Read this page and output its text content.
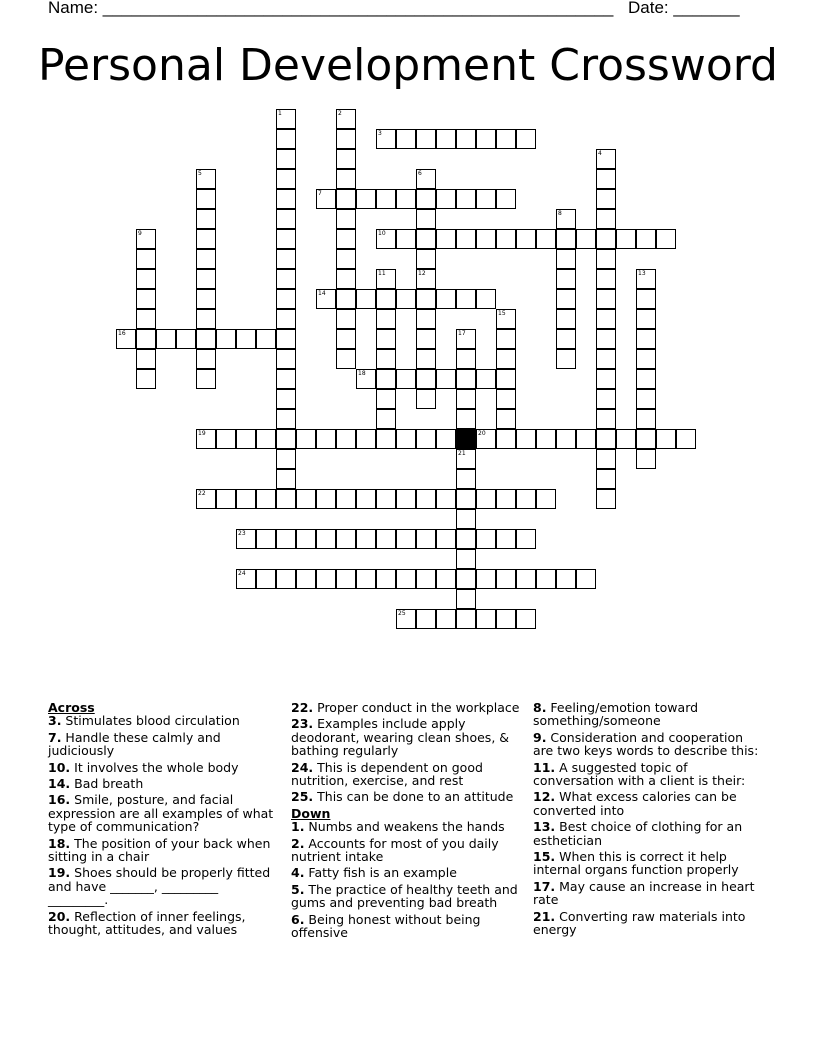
Name: ______________________________________________________ Date: _______
Personal Development Crossword
3
7
10
14
16
18
19	20
22
23
24
25
1	2
4
5	6
12
8
9
11	13
15
17
21
Across
3. Stimulates blood circulation
7. Handle these calmly and judiciously
10. It involves the whole body
14. Bad breath
16. Smile, posture, and facial expression are all examples of what type of communication?
18. The position of your back when sitting in a chair
19. Shoes should be properly fitted and have _______, _________ _________.
20. Reflection of inner feelings, thought, attitudes, and values
22. Proper conduct in the workplace
23. Examples include apply deodorant, wearing clean shoes, & bathing regularly
24. This is dependent on good nutrition, exercise, and rest
25. This can be done to an attitude
Down
1. Numbs and weakens the hands
2. Accounts for most of you daily nutrient intake
4. Fatty fish is an example
5. The practice of healthy teeth and gums and preventing bad breath
6. Being honest without being offensive
8. Feeling/emotion toward something/someone
9. Consideration and cooperation are two keys words to describe this:
11. A suggested topic of conversation with a client is their:
12. What excess calories can be converted into
13. Best choice of clothing for an esthetician
15. When this is correct it help internal organs function properly
17. May cause an increase in heart rate
21. Converting raw materials into energy
